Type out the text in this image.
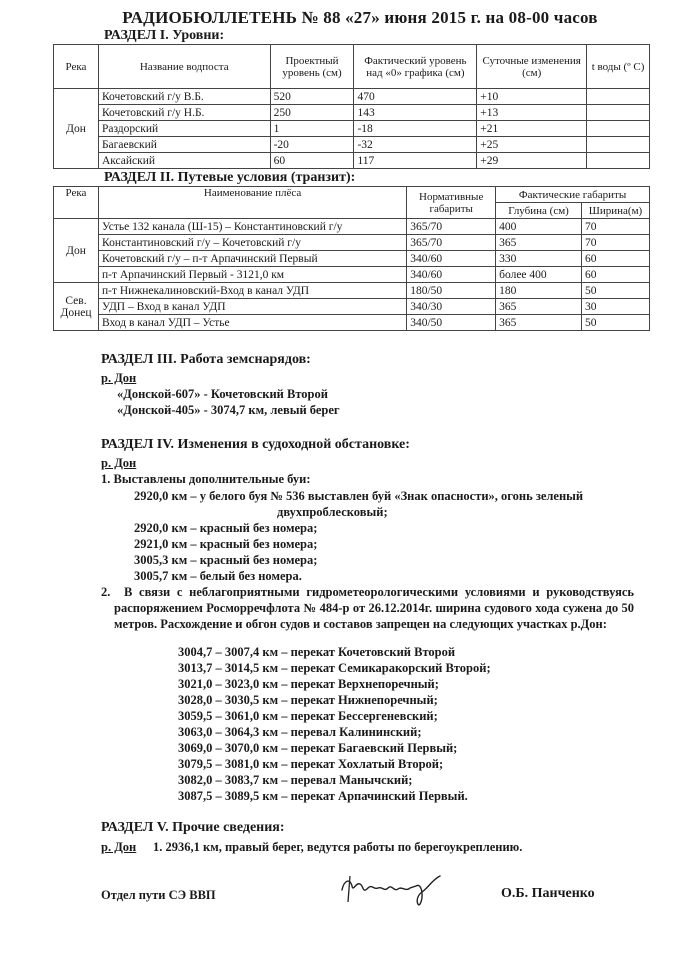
РАДИОБЮЛЛЕТЕНЬ № 88 «27» июня 2015 г. на 08-00 часов
РАЗДЕЛ I. Уровни:
Река	Название водпоста	Проектный уровень (см)	Фактический уровень над «0» графика (см)	Суточные изменения (см)	t воды (º С)
Дон	Кочетовский г/у В.Б.	520	470	+10	
	Кочетовский г/у Н.Б.	250	143	+13	
	Раздорский	1	-18	+21	
	Багаевский	-20	-32	+25	
	Аксайский	60	117	+29	
РАЗДЕЛ II. Путевые условия (транзит):
Река	Наименование плёса	Нормативные габариты	Фактические габариты	
			Глубина (см)	Ширина(м)
Дон	Устье 132 канала (Ш-15) – Константиновский г/у	365/70	400	70
	Константиновский г/у – Кочетовский г/у	365/70	365	70
	Кочетовский г/у – п-т Арпачинский Первый	340/60	330	60
	п-т Арпачинский Первый - 3121,0 км	340/60	более 400	60
Сев. Донец	п-т Нижнекалиновский-Вход в канал УДП	180/50	180	50
	УДП – Вход в канал УДП	340/30	365	30
	Вход в канал УДП – Устье	340/50	365	50
РАЗДЕЛ III. Работа земснарядов:
р. Дон
«Донской-607» - Кочетовский Второй
«Донской-405» - 3074,7 км, левый берег
РАЗДЕЛ IV. Изменения в судоходной обстановке:
р. Дон
1. Выставлены дополнительные буи:
2920,0 км – у белого буя № 536 выставлен буй «Знак опасности», огонь зеленый
двухпроблесковый;
2920,0 км – красный без номера;
2921,0 км – красный без номера;
3005,3 км – красный без номера;
3005,7 км – белый без номера.
2.	В связи с неблагоприятными гидрометеорологическими условиями и руководствуясь распоряжением Росморречфлота № 484-р от 26.12.2014г. ширина судового хода сужена до 50 метров. Расхождение и обгон судов и составов запрещен на следующих участках р.Дон:
3004,7 – 3007,4 км – перекат Кочетовский Второй
3013,7 – 3014,5 км – перекат Семикаракорский Второй;
3021,0 – 3023,0 км – перекат Верхнепоречный;
3028,0 – 3030,5 км – перекат Нижнепоречный;
3059,5 – 3061,0 км – перекат Бессергеневский;
3063,0 – 3064,3 км – перевал Калининский;
3069,0 – 3070,0 км – перекат Багаевский Первый;
3079,5 – 3081,0 км – перекат Хохлатый Второй;
3082,0 – 3083,7 км – перевал Манычский;
3087,5 – 3089,5 км – перекат Арпачинский Первый.
РАЗДЕЛ V. Прочие сведения:
р. Дон 1. 2936,1 км, правый берег, ведутся работы по берегоукреплению.
Отдел пути СЭ ВВП	О.Б. Панченко
